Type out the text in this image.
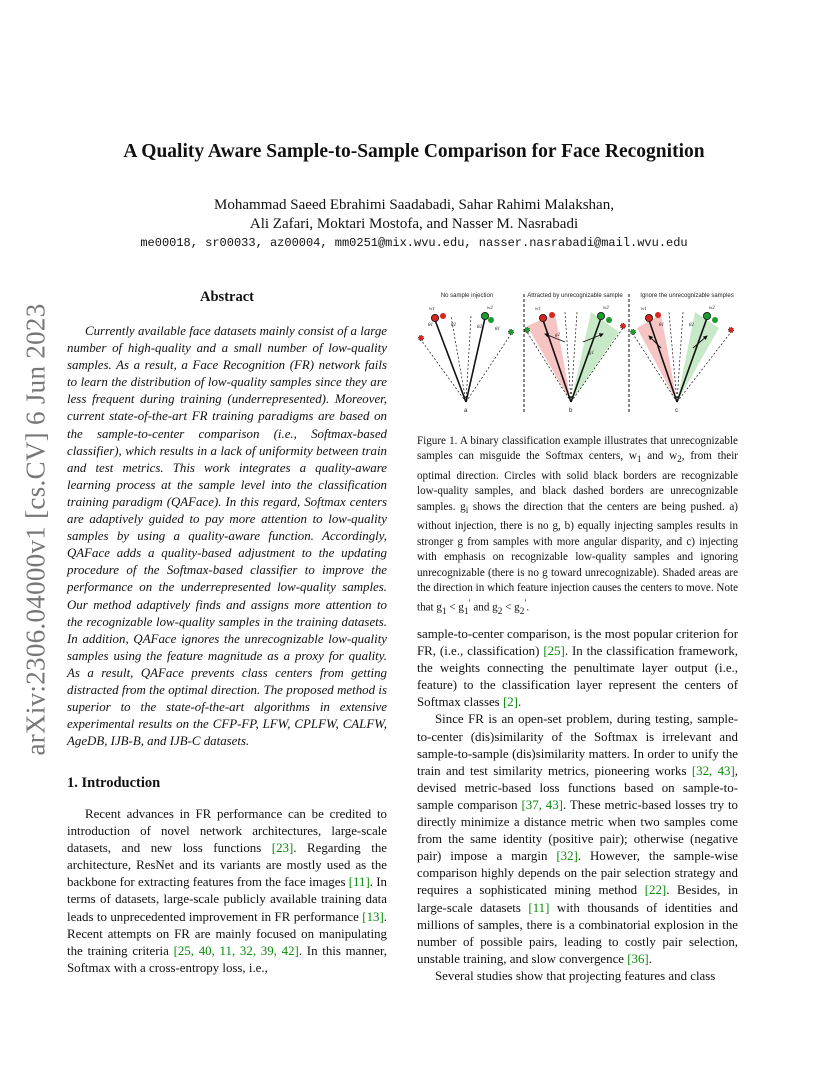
arXiv:2306.04000v1 [cs.CV] 6 Jun 2023
A Quality Aware Sample-to-Sample Comparison for Face Recognition
Mohammad Saeed Ebrahimi Saadabadi, Sahar Rahimi Malakshan,
Ali Zafari, Moktari Mostofa, and Nasser M. Nasrabadi
me00018, sr00033, az00004, mm0251@mix.wvu.edu, nasser.nasrabadi@mail.wvu.edu
Abstract

Currently available face datasets mainly consist of a large number of high-quality and a small number of low-quality samples. As a result, a Face Recognition (FR) network fails to learn the distribution of low-quality samples since they are less frequent during training (underrepresented). Moreover, current state-of-the-art FR training paradigms are based on the sample-to-center comparison (i.e., Softmax-based classifier), which results in a lack of uniformity between train and test metrics. This work integrates a quality-aware learning process at the sample level into the classification training paradigm (QAFace). In this regard, Softmax centers are adaptively guided to pay more attention to low-quality samples by using a quality-aware function. Accordingly, QAFace adds a quality-based adjustment to the updating procedure of the Softmax-based classifier to improve the performance on the underrepresented low-quality samples. Our method adaptively finds and assigns more attention to the recognizable low-quality samples in the training datasets. In addition, QAFace ignores the unrecognizable low-quality samples using the feature magnitude as a proxy for quality. As a result, QAFace prevents class centers from getting distracted from the optimal direction. The proposed method is superior to the state-of-the-art algorithms in extensive experimental results on the CFP-FP, LFW, CPLFW, CALFW, AgeDB, IJB-B, and IJB-C datasets.

1. Introduction

Recent advances in FR performance can be credited to introduction of novel network architectures, large-scale datasets, and new loss functions [23]. Regarding the architecture, ResNet and its variants are mostly used as the backbone for extracting features from the face images [11]. In terms of datasets, large-scale publicly available training data leads to unprecedented improvement in FR performance [13]. Recent attempts on FR are mainly focused on manipulating the training criteria [25, 40, 11, 32, 39, 42]. In this manner, Softmax with a cross-entropy loss, i.e.,

No sample injection	Attracted by unrecognizable sample	Ignore the unrecognizable samples
w1	w2
θ1	θ2	θ2	θ1
a
g2
g1
w1	w2
b
θ1	θ2
w1	w2
c

Figure 1. A binary classification example illustrates that unrecognizable samples can misguide the Softmax centers, $w_1$ and $w_2$, from their optimal direction. Circles with solid black borders are recognizable low-quality samples, and black dashed borders are unrecognizable samples. $g_i$ shows the direction that the centers are being pushed. a) without injection, there is no g, b) equally injecting samples results in stronger g from samples with more angular disparity, and c) injecting with emphasis on recognizable low-quality samples and ignoring unrecognizable (there is no g toward unrecognizable). Shaded areas are the direction in which feature injection causes the centers to move. Note that $g_1 < g_1'$ and $g_2 < g_2'$.

sample-to-center comparison, is the most popular criterion for FR, (i.e., classification) [25]. In the classification framework, the weights connecting the penultimate layer output (i.e., feature) to the classification layer represent the centers of Softmax classes [2].

Since FR is an open-set problem, during testing, sample-to-center (dis)similarity of the Softmax is irrelevant and sample-to-sample (dis)similarity matters. In order to unify the train and test similarity metrics, pioneering works [32, 43], devised metric-based loss functions based on sample-to-sample comparison [37, 43]. These metric-based losses try to directly minimize a distance metric when two samples come from the same identity (positive pair); otherwise (negative pair) impose a margin [32]. However, the sample-wise comparison highly depends on the pair selection strategy and requires a sophisticated mining method [22]. Besides, in large-scale datasets [11] with thousands of identities and millions of samples, there is a combinatorial explosion in the number of possible pairs, leading to costly pair selection, unstable training, and slow convergence [36].

Several studies show that projecting features and class
